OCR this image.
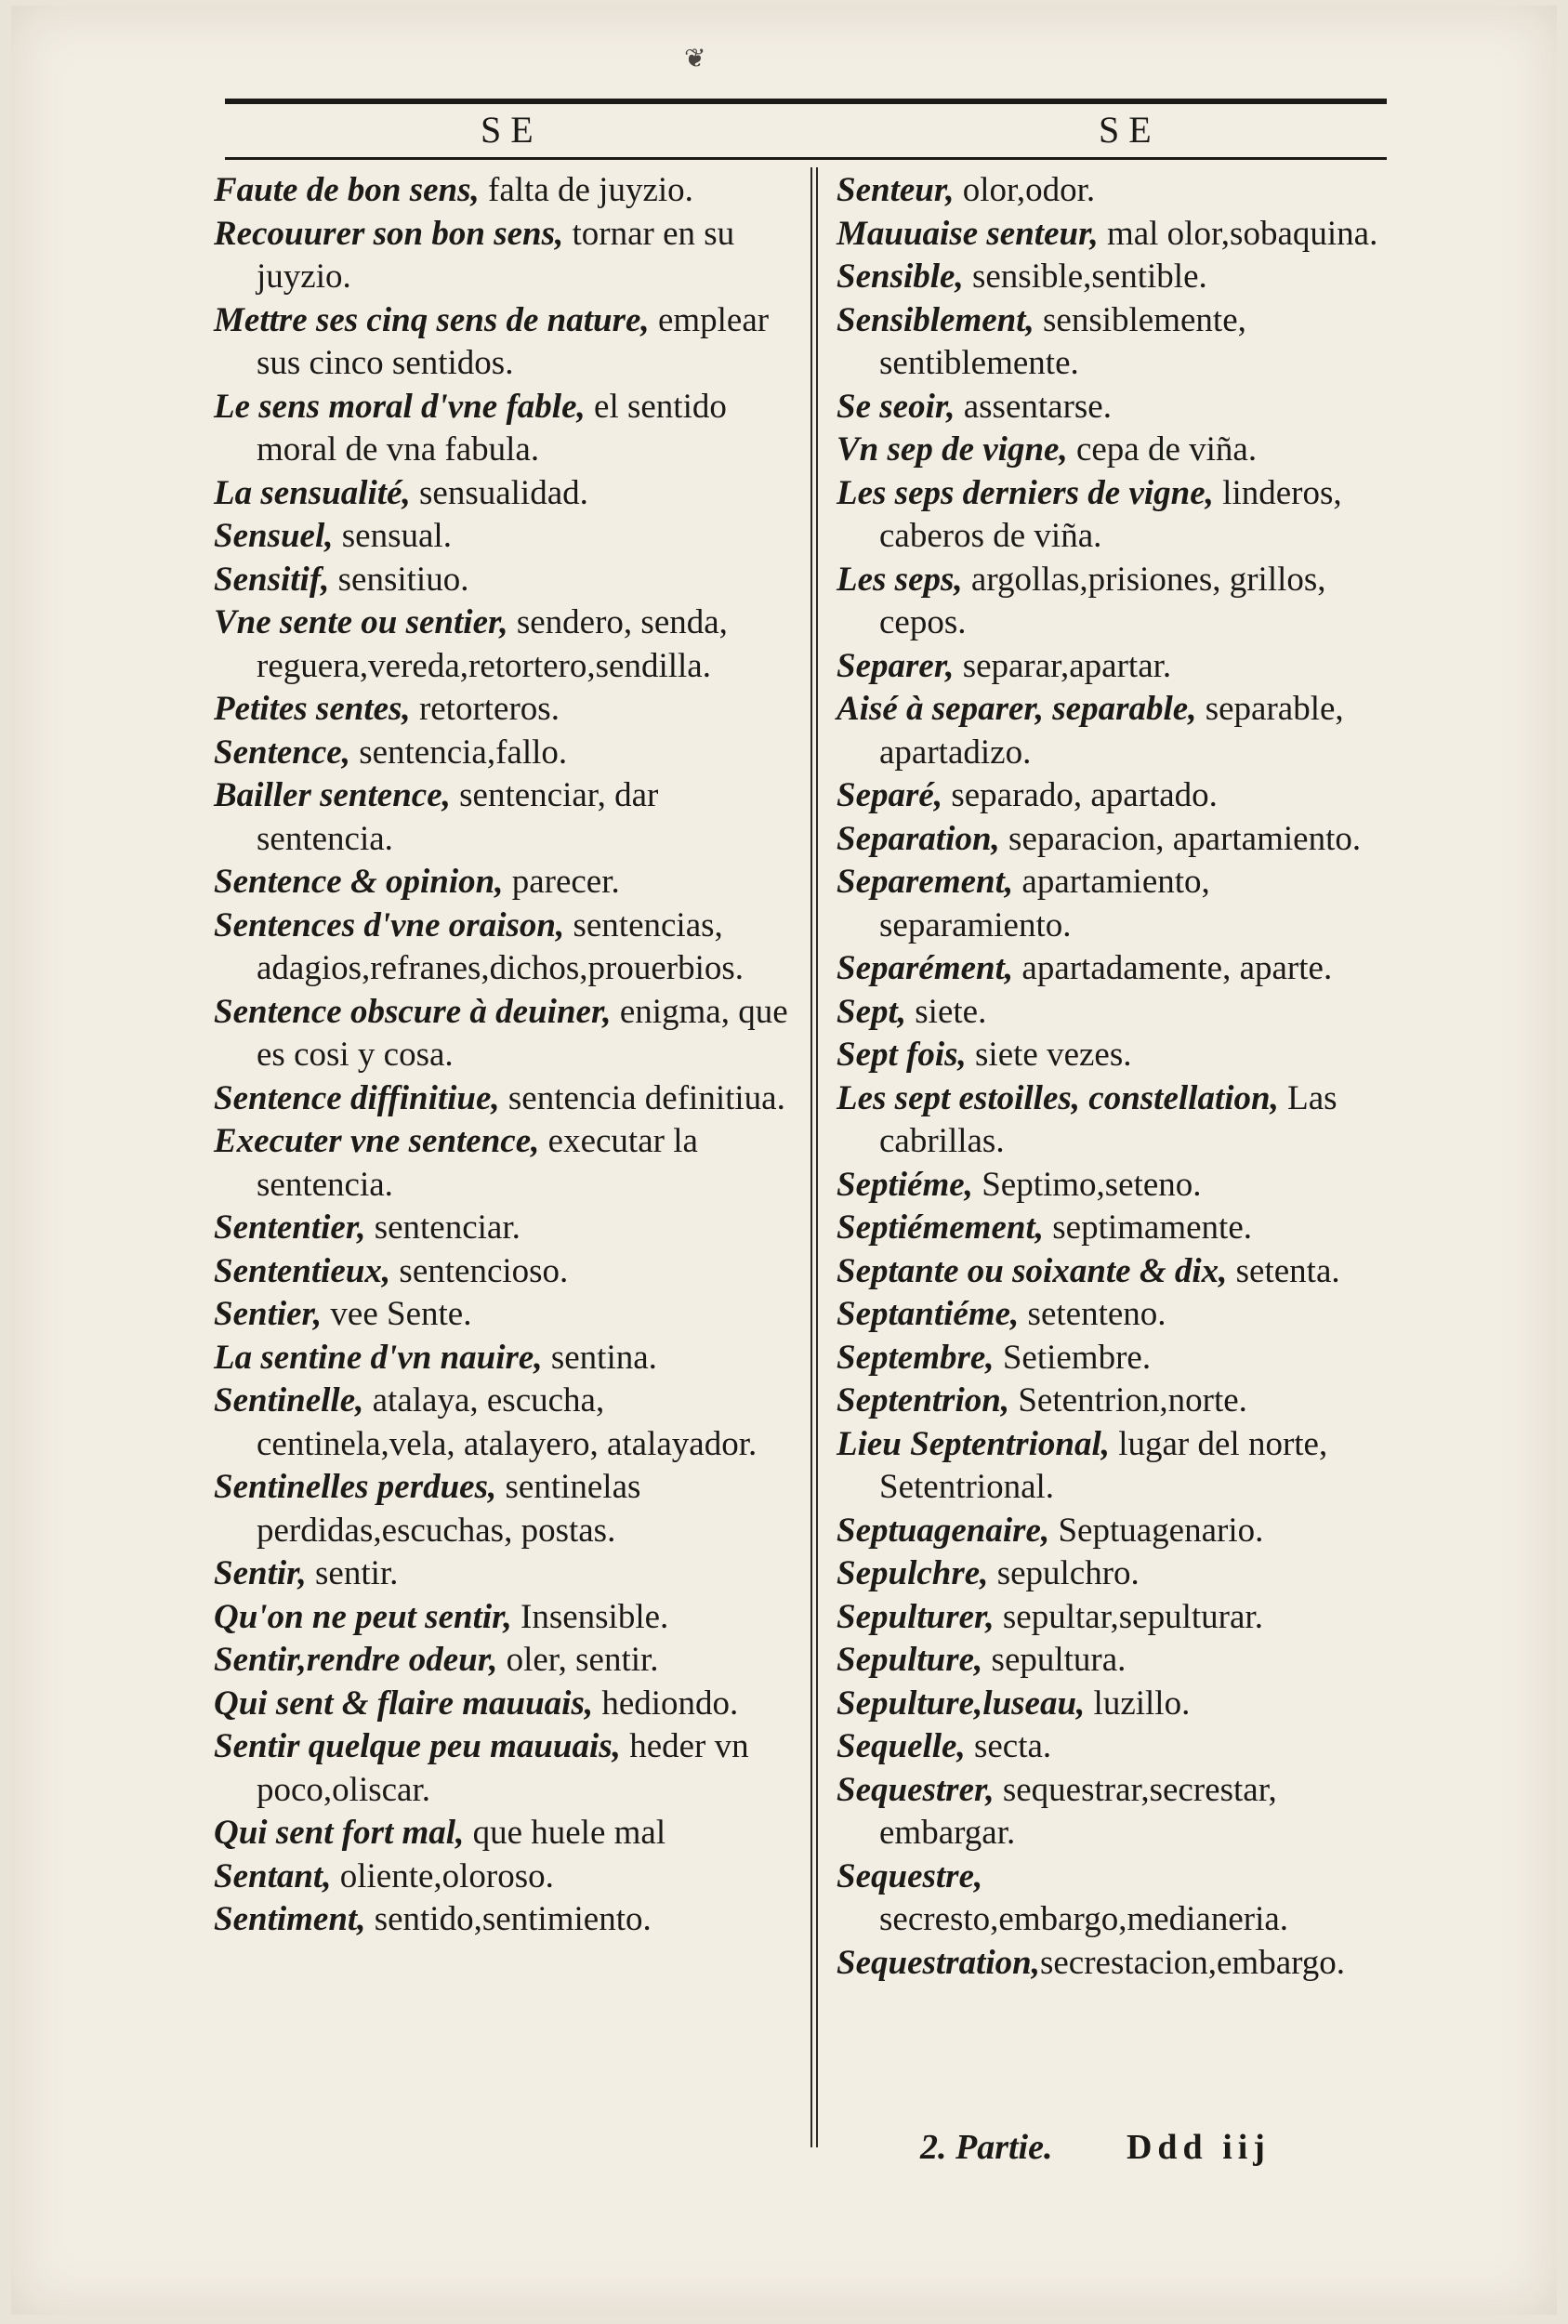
❦
SE	SE

Faute de bon sens, falta de juyzio.

Recouurer son bon sens, tornar en su juyzio.

Mettre ses cinq sens de nature, emplear sus cinco sentidos.

Le sens moral d'vne fable, el sentido moral de vna fabula.

La sensualité, sensualidad.

Sensuel, sensual.

Sensitif, sensitiuo.

Vne sente ou sentier, sendero, senda, reguera,vereda,retortero,sendilla.

Petites sentes, retorteros.

Sentence, sentencia,fallo.

Bailler sentence, sentenciar, dar sentencia.

Sentence & opinion, parecer.

Sentences d'vne oraison, sentencias, adagios,refranes,dichos,prouerbios.

Sentence obscure à deuiner, enigma, que es cosi y cosa.

Sentence diffinitiue, sentencia definitiua.

Executer vne sentence, executar la sentencia.

Sententier, sentenciar.

Sententieux, sentencioso.

Sentier, vee Sente.

La sentine d'vn nauire, sentina.

Sentinelle, atalaya, escucha, centinela,vela, atalayero, atalayador.

Sentinelles perdues, sentinelas perdidas,escuchas, postas.

Sentir, sentir.

Qu'on ne peut sentir, Insensible.

Sentir,rendre odeur, oler, sentir.

Qui sent & flaire mauuais, hediondo.

Sentir quelque peu mauuais, heder vn poco,oliscar.

Qui sent fort mal, que huele mal

Sentant, oliente,oloroso.

Sentiment, sentido,sentimiento.

Senteur, olor,odor.

Mauuaise senteur, mal olor,sobaquina.

Sensible, sensible,sentible.

Sensiblement, sensiblemente, sentiblemente.

Se seoir, assentarse.

Vn sep de vigne, cepa de viña.

Les seps derniers de vigne, linderos, caberos de viña.

Les seps, argollas,prisiones, grillos, cepos.

Separer, separar,apartar.

Aisé à separer, separable, separable, apartadizo.

Separé, separado, apartado.

Separation, separacion, apartamiento.

Separement, apartamiento, separamiento.

Separément, apartadamente, aparte.

Sept, siete.

Sept fois, siete vezes.

Les sept estoilles, constellation, Las cabrillas.

Septiéme, Septimo,seteno.

Septiémement, septimamente.

Septante ou soixante & dix, setenta.

Septantiéme, setenteno.

Septembre, Setiembre.

Septentrion, Setentrion,norte.

Lieu Septentrional, lugar del norte, Setentrional.

Septuagenaire, Septuagenario.

Sepulchre, sepulchro.

Sepulturer, sepultar,sepulturar.

Sepulture, sepultura.

Sepulture,luseau, luzillo.

Sequelle, secta.

Sequestrer, sequestrar,secrestar, embargar.

Sequestre, secresto,embargo,medianeria.

Sequestration,secrestacion,embargo.

2. Partie. Ddd iij
